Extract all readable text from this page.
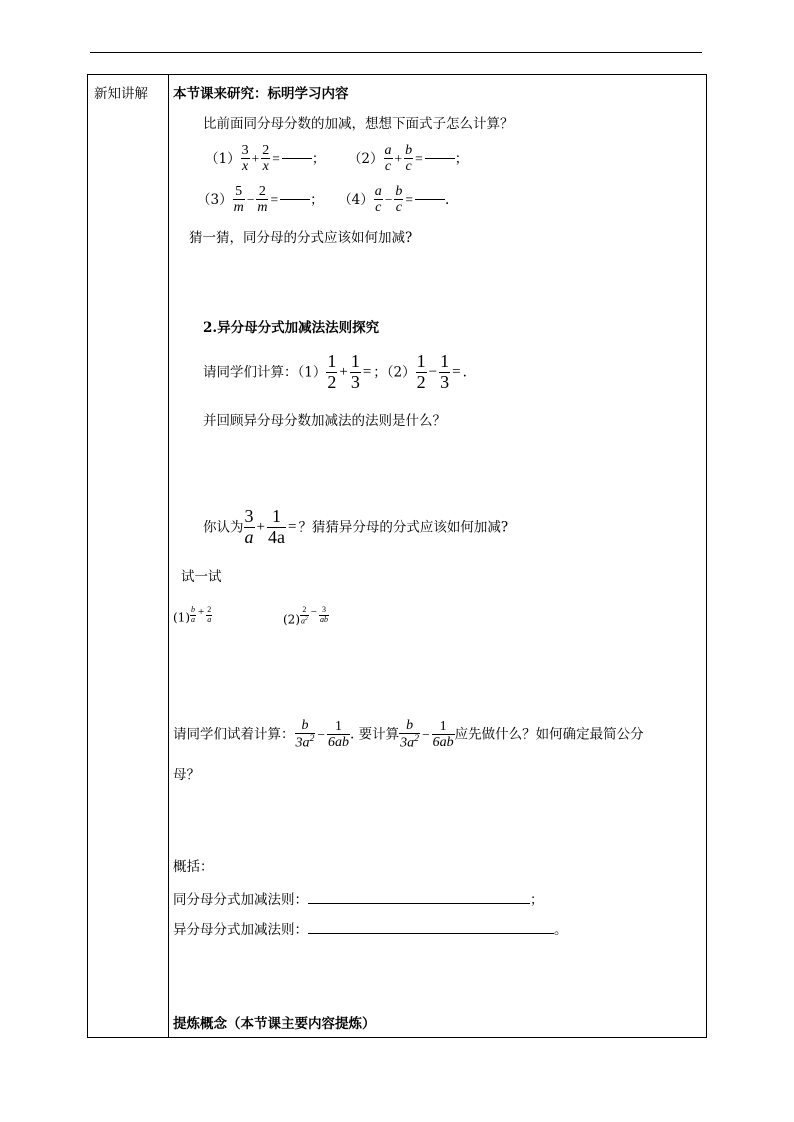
新知讲解 本节课来研究：标明学习内容
比前面同分母分数的加减，想想下面式子怎么计算？
$(1) \frac{3}{x} + \frac{2}{x}$ = ； $(2) \frac{a}{c} + \frac{b}{c}$ = ；
$(3) \frac{5}{m} - \frac{2}{m}$ = ； $(4) \frac{a}{c} - \frac{b}{c}$ = .
猜一猜，同分母的分式应该如何加减?
2.异分母分式加减法法则探究
请同学们计算：$(1) \frac{1}{2} + \frac{1}{3}$ = ；$(2) \frac{1}{2} - \frac{1}{3}$ = .
并回顾异分母分数加减法的法则是什么？
你认为 $\frac{3}{a} + \frac{1}{4a}$ = ？猜猜异分母的分式应该如何加减?
试一试
$(1) \frac{b}{a} + \frac{2}{a}$	$(2) \frac{2}{a^2} - \frac{3}{ab}$
请同学们试着计算： $\frac{b}{3a^2} - \frac{1}{6ab}$ . 要计算 $\frac{b}{3a^2} - \frac{1}{6ab}$ 应先做什么？如何确定最简公分
母？
概括：
同分母分式加减法则：	；
异分母分式加减法则：	。
提炼概念（本节课主要内容提炼）
